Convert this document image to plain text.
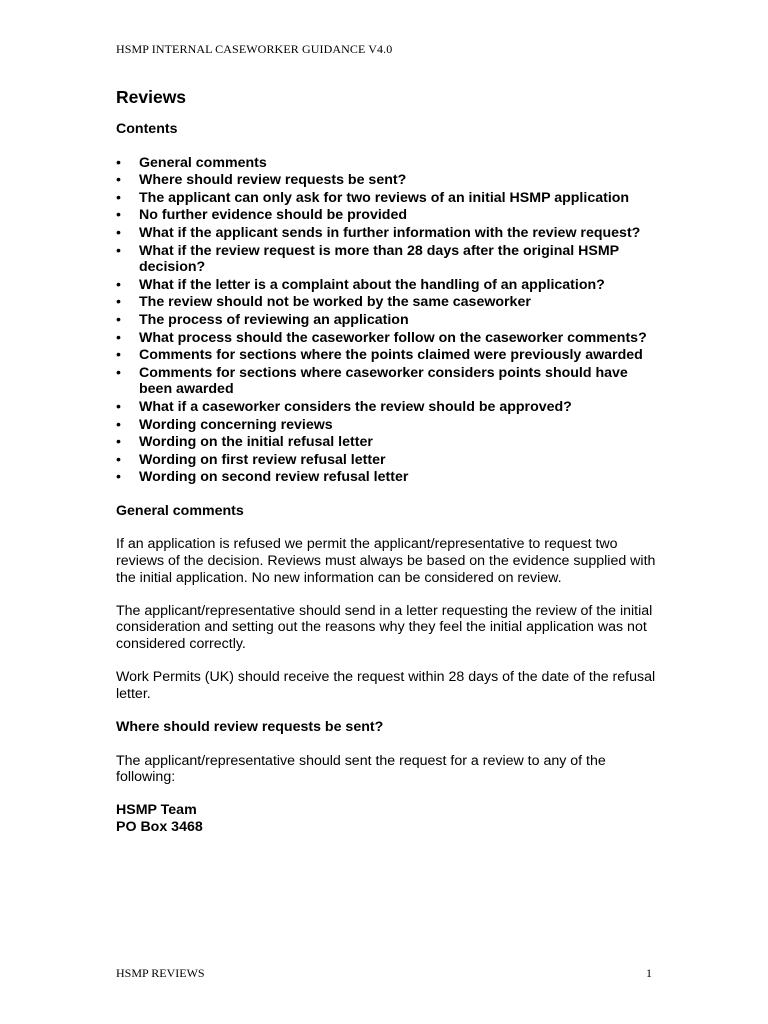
HSMP INTERNAL CASEWORKER GUIDANCE V4.0
Reviews
Contents
• General comments
• Where should review requests be sent?
• The applicant can only ask for two reviews of an initial HSMP application
• No further evidence should be provided
• What if the applicant sends in further information with the review request?
• What if the review request is more than 28 days after the original HSMP decision?
• What if the letter is a complaint about the handling of an application?
• The review should not be worked by the same caseworker
• The process of reviewing an application
• What process should the caseworker follow on the caseworker comments?
• Comments for sections where the points claimed were previously awarded
• Comments for sections where caseworker considers points should have been awarded
• What if a caseworker considers the review should be approved?
• Wording concerning reviews
• Wording on the initial refusal letter
• Wording on first review refusal letter
• Wording on second review refusal letter
General comments

If an application is refused we permit the applicant/representative to request two reviews of the decision. Reviews must always be based on the evidence supplied with the initial application. No new information can be considered on review.

The applicant/representative should send in a letter requesting the review of the initial consideration and setting out the reasons why they feel the initial application was not considered correctly.

Work Permits (UK) should receive the request within 28 days of the date of the refusal letter.

Where should review requests be sent?

The applicant/representative should sent the request for a review to any of the following:

HSMP Team
PO Box 3468
HSMP REVIEWS	1
